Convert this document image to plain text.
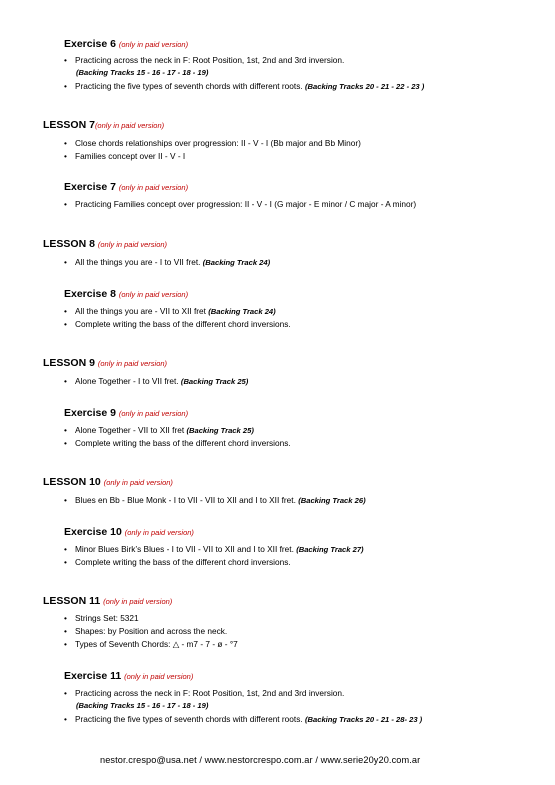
Exercise 6 (only in paid version)
• Practicing across the neck in F: Root Position, 1st, 2nd and 3rd inversion.
(Backing Tracks 15 - 16 - 17 - 18 - 19)
• Practicing the five types of seventh chords with different roots. (Backing Tracks 20 - 21 - 22 - 23 )
LESSON 7(only in paid version)
• Close chords relationships over progression: II - V - I (Bb major and Bb Minor)
• Families concept over II - V - I
Exercise 7 (only in paid version)
• Practicing Families concept over progression: II - V - I (G major - E minor / C major - A minor)
LESSON 8 (only in paid version)
• All the things you are - I to VII fret. (Backing Track 24)
Exercise 8 (only in paid version)
• All the things you are - VII to XII fret (Backing Track 24)
• Complete writing the bass of the different chord inversions.
LESSON 9 (only in paid version)
• Alone Together - I to VII fret. (Backing Track 25)
Exercise 9 (only in paid version)
• Alone Together - VII to XII fret (Backing Track 25)
• Complete writing the bass of the different chord inversions.
LESSON 10 (only in paid version)
• Blues en Bb - Blue Monk - I to VII - VII to XII and I to XII fret. (Backing Track 26)
Exercise 10 (only in paid version)
• Minor Blues Birk’s Blues - I to VII - VII to XII and I to XII fret. (Backing Track 27)
• Complete writing the bass of the different chord inversions.
LESSON 11 (only in paid version)
• Strings Set: 5321
• Shapes: by Position and across the neck.
• Types of Seventh Chords: △ - m7 - 7 - ø - °7
Exercise 11 (only in paid version)
• Practicing across the neck in F: Root Position, 1st, 2nd and 3rd inversion.
(Backing Tracks 15 - 16 - 17 - 18 - 19)
• Practicing the five types of seventh chords with different roots. (Backing Tracks 20 - 21 - 28- 23 )
nestor.crespo@usa.net / www.nestorcrespo.com.ar / www.serie20y20.com.ar
